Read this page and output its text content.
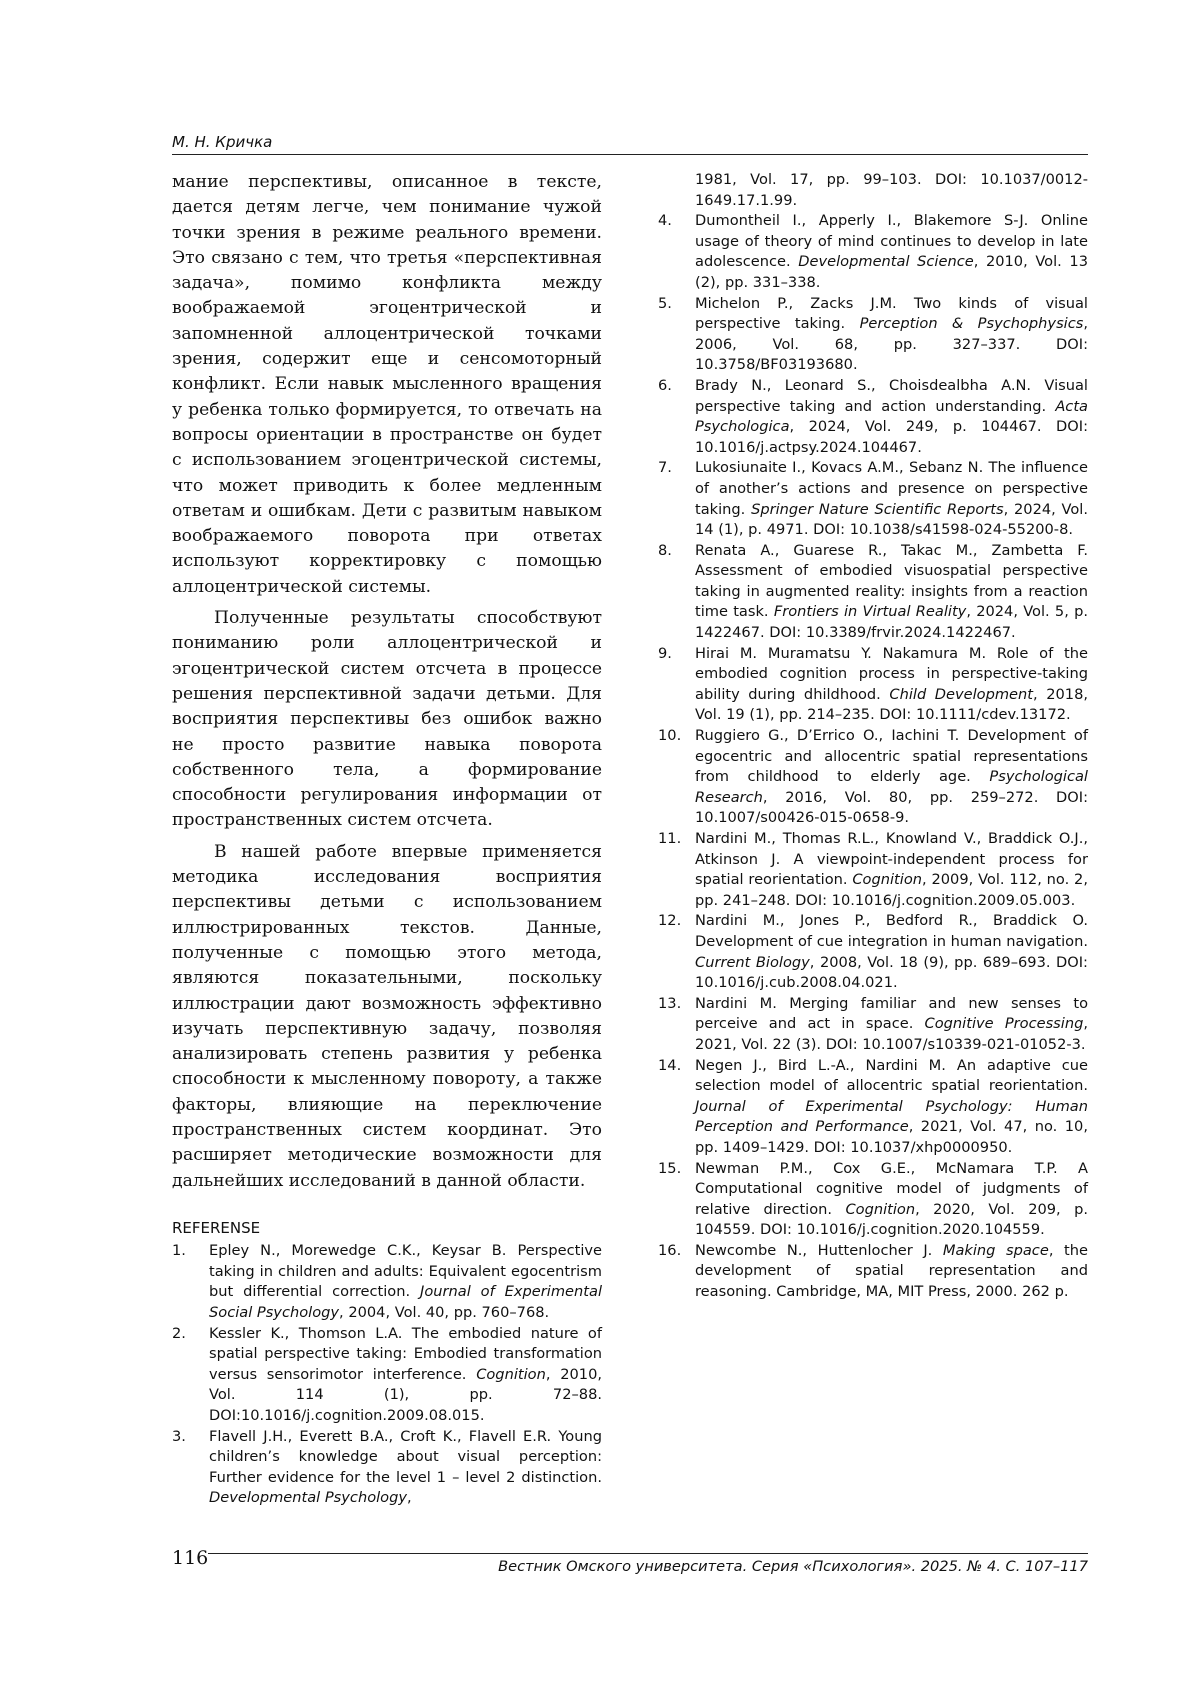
М. Н. Кричка

мание перспективы, описанное в тексте, дается детям легче, чем понимание чужой точки зрения в режиме реального времени. Это связано с тем, что третья «перспективная задача», помимо конфликта между воображаемой эгоцентрической и запомненной аллоцентрической точками зрения, содержит еще и сенсомоторный конфликт. Если навык мысленного вращения у ребенка только формируется, то отвечать на вопросы ориентации в пространстве он будет с использованием эгоцентрической системы, что может приводить к более медленным ответам и ошибкам. Дети с развитым навыком воображаемого поворота при ответах используют корректировку с помощью аллоцентрической системы.

Полученные результаты способствуют пониманию роли аллоцентрической и эгоцентрической систем отсчета в процессе решения перспективной задачи детьми. Для восприятия перспективы без ошибок важно не просто развитие навыка поворота собственного тела, а формирование способности регулирования информации от пространственных систем отсчета.

В нашей работе впервые применяется методика исследования восприятия перспективы детьми с использованием иллюстрированных текстов. Данные, полученные с помощью этого метода, являются показательными, поскольку иллюстрации дают возможность эффективно изучать перспективную задачу, позволяя анализировать степень развития у ребенка способности к мысленному повороту, а также факторы, влияющие на переключение пространственных систем координат. Это расширяет методические возможности для дальнейших исследований в данной области.

REFERENSE
1. Epley N., Morewedge C.K., Keysar B. Perspective taking in children and adults: Equivalent egocentrism but differential correction. Journal of Experimental Social Psychology, 2004, Vol. 40, pp. 760–768.
2. Kessler K., Thomson L.A. The embodied nature of spatial perspective taking: Embodied transformation versus sensorimotor interference. Cognition, 2010, Vol. 114 (1), pp. 72–88. DOI:10.1016/j.cognition.2009.08.015.
3. Flavell J.H., Everett B.A., Croft K., Flavell E.R. Young children’s knowledge about visual perception: Further evidence for the level 1 – level 2 distinction. Developmental Psychology,
1981, Vol. 17, pp. 99–103. DOI: 10.1037/0012-1649.17.1.99.
4. Dumontheil I., Apperly I., Blakemore S-J. Online usage of theory of mind continues to develop in late adolescence. Developmental Science, 2010, Vol. 13 (2), pp. 331–338.
5. Michelon P., Zacks J.M. Two kinds of visual perspective taking. Perception & Psychophysics, 2006, Vol. 68, pp. 327–337. DOI: 10.3758/BF03193680.
6. Brady N., Leonard S., Choisdealbha A.N. Visual perspective taking and action understanding. Acta Psychologica, 2024, Vol. 249, p. 104467. DOI: 10.1016/j.actpsy.2024.104467.
7. Lukosiunaite I., Kovacs A.M., Sebanz N. The influence of another’s actions and presence on perspective taking. Springer Nature Scientific Reports, 2024, Vol. 14 (1), p. 4971. DOI: 10.1038/s41598-024-55200-8.
8. Renata A., Guarese R., Takac M., Zambetta F. Assessment of embodied visuospatial perspective taking in augmented reality: insights from a reaction time task. Frontiers in Virtual Reality, 2024, Vol. 5, p. 1422467. DOI: 10.3389/frvir.2024.1422467.
9. Hirai M. Muramatsu Y. Nakamura M. Role of the embodied cognition process in perspective-taking ability during dhildhood. Child Development, 2018, Vol. 19 (1), pp. 214–235. DOI: 10.1111/cdev.13172.
10. Ruggiero G., D’Errico O., Iachini T. Development of egocentric and allocentric spatial representations from childhood to elderly age. Psychological Research, 2016, Vol. 80, pp. 259–272. DOI: 10.1007/s00426-015-0658-9.
11. Nardini M., Thomas R.L., Knowland V., Braddick O.J., Atkinson J. A viewpoint-independent process for spatial reorientation. Cognition, 2009, Vol. 112, no. 2, pp. 241–248. DOI: 10.1016/j.cognition.2009.05.003.
12. Nardini M., Jones P., Bedford R., Braddick O. Development of cue integration in human navigation. Current Biology, 2008, Vol. 18 (9), pp. 689–693. DOI: 10.1016/j.cub.2008.04.021.
13. Nardini M. Merging familiar and new senses to perceive and act in space. Cognitive Processing, 2021, Vol. 22 (3). DOI: 10.1007/s10339-021-01052-3.
14. Negen J., Bird L.-A., Nardini M. An adaptive cue selection model of allocentric spatial reorientation. Journal of Experimental Psychology: Human Perception and Performance, 2021, Vol. 47, no. 10, pp. 1409–1429. DOI: 10.1037/xhp0000950.
15. Newman P.M., Cox G.E., McNamara T.P. A Computational cognitive model of judgments of relative direction. Cognition, 2020, Vol. 209, p. 104559. DOI: 10.1016/j.cognition.2020.104559.
16. Newcombe N., Huttenlocher J. Making space, the development of spatial representation and reasoning. Cambridge, MA, MIT Press, 2000. 262 p.
116	Вестник Омского университета. Серия «Психология». 2025. № 4. С. 107–117
